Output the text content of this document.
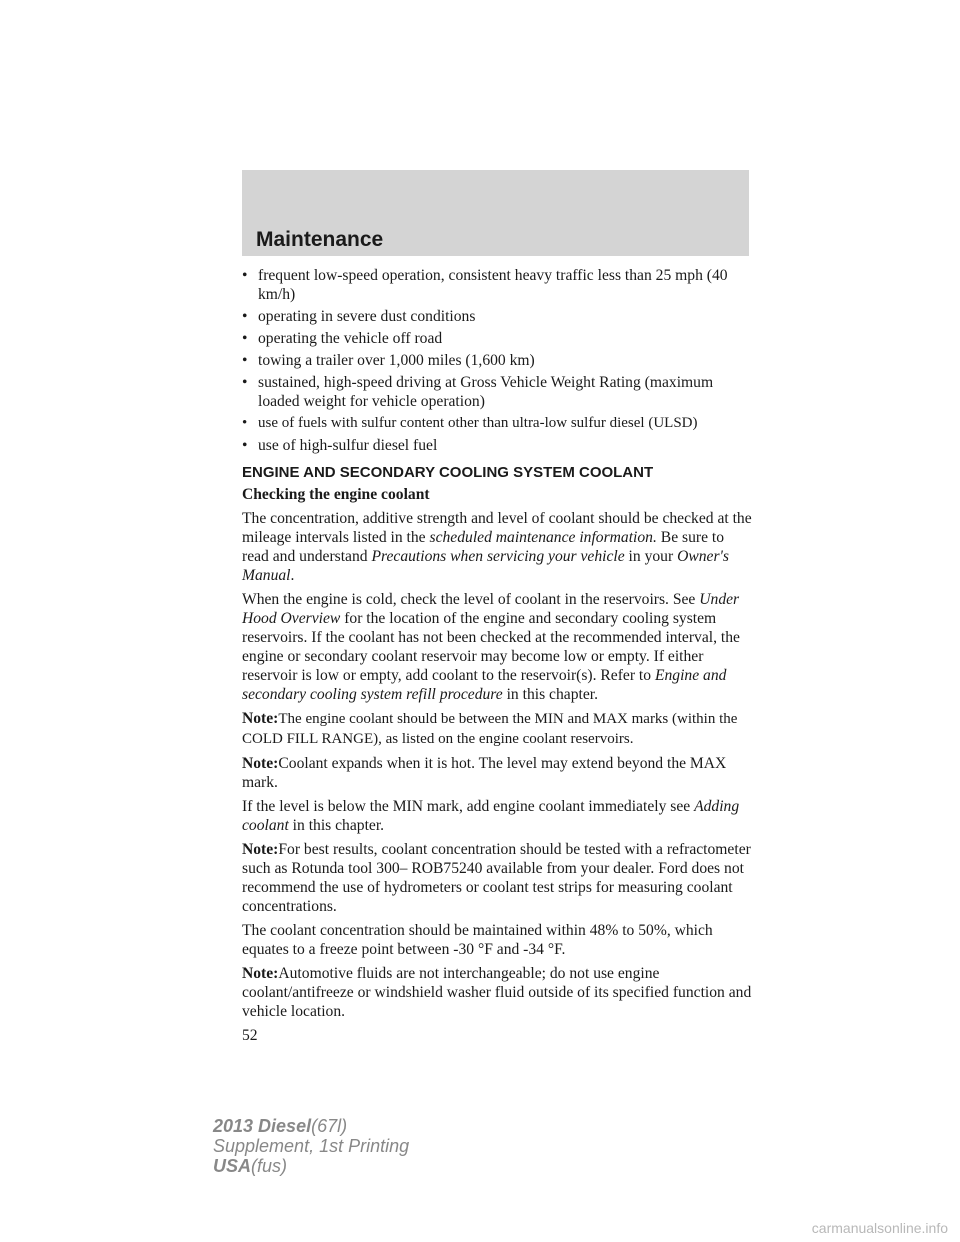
Maintenance
• frequent low-speed operation, consistent heavy traffic less than 25 mph (40 km/h)
• operating in severe dust conditions
• operating the vehicle off road
• towing a trailer over 1,000 miles (1,600 km)
• sustained, high-speed driving at Gross Vehicle Weight Rating (maximum loaded weight for vehicle operation)
• use of fuels with sulfur content other than ultra-low sulfur diesel (ULSD)
• use of high-sulfur diesel fuel
ENGINE AND SECONDARY COOLING SYSTEM COOLANT
Checking the engine coolant

The concentration, additive strength and level of coolant should be checked at the mileage intervals listed in the scheduled maintenance information. Be sure to read and understand Precautions when servicing your vehicle in your Owner's Manual.

When the engine is cold, check the level of coolant in the reservoirs. See Under Hood Overview for the location of the engine and secondary cooling system reservoirs. If the coolant has not been checked at the recommended interval, the engine or secondary coolant reservoir may become low or empty. If either reservoir is low or empty, add coolant to the reservoir(s). Refer to Engine and secondary cooling system refill procedure in this chapter.

Note:The engine coolant should be between the MIN and MAX marks (within the COLD FILL RANGE), as listed on the engine coolant reservoirs.

Note:Coolant expands when it is hot. The level may extend beyond the MAX mark.

If the level is below the MIN mark, add engine coolant immediately see Adding coolant in this chapter.

Note:For best results, coolant concentration should be tested with a refractometer such as Rotunda tool 300– ROB75240 available from your dealer. Ford does not recommend the use of hydrometers or coolant test strips for measuring coolant concentrations.

The coolant concentration should be maintained within 48% to 50%, which equates to a freeze point between -30 °F and -34 °F.

Note:Automotive fluids are not interchangeable; do not use engine coolant/antifreeze or windshield washer fluid outside of its specified function and vehicle location.

52
2013 Diesel(67l)
Supplement, 1st Printing
USA(fus)
carmanualsonline.info
